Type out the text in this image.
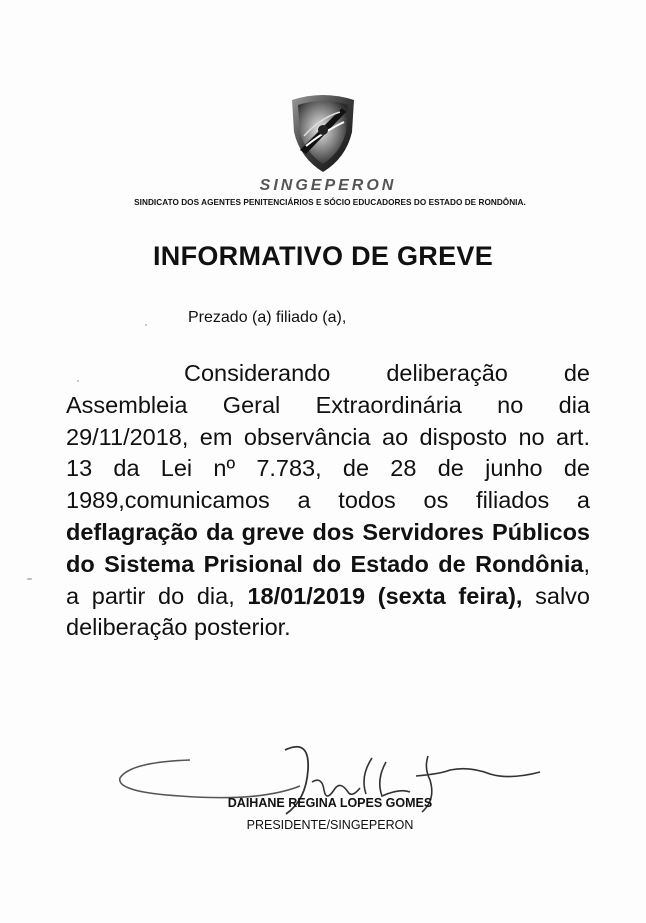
SINGEPERON
SINDICATO DOS AGENTES PENITENCIÁRIOS E SÓCIO EDUCADORES DO ESTADO DE RONDÔNIA.
INFORMATIVO DE GREVE
Prezado (a) filiado (a),
Considerando deliberação de Assembleia Geral Extraordinária no dia 29/11/2018, em observância ao disposto no art. 13 da Lei nº 7.783, de 28 de junho de 1989,comunicamos a todos os filiados a deflagração da greve dos Servidores Públicos do Sistema Prisional do Estado de Rondônia, a partir do dia, 18/01/2019 (sexta feira), salvo deliberação posterior.
DAIHANE REGINA LOPES GOMES
PRESIDENTE/SINGEPERON
